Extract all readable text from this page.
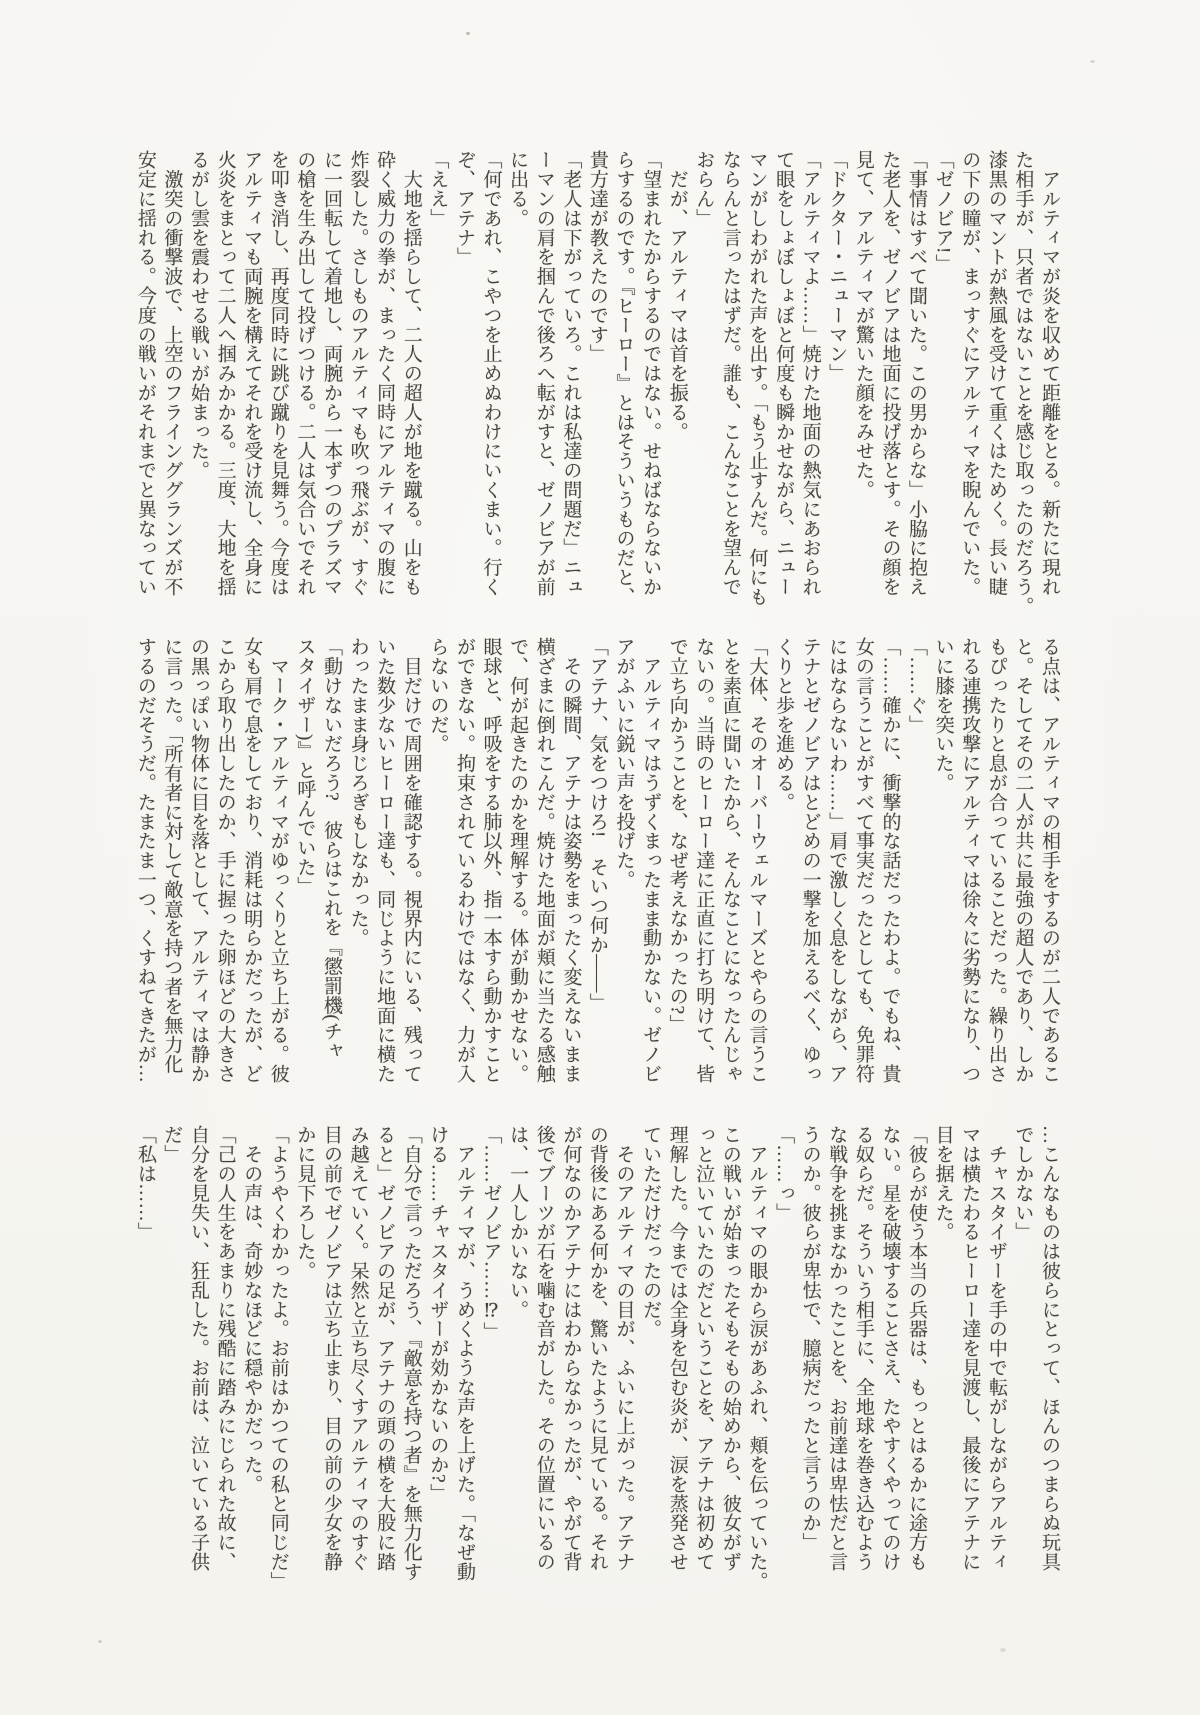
　アルティマが炎を収めて距離をとる。新たに現れ

た相手が、只者ではないことを感じ取ったのだろう。

漆黒のマントが熱風を受けて重くはためく。長い睫

の下の瞳が、まっすぐにアルティマを睨んでいた。

「ゼノビア!」

「事情はすべて聞いた。この男からな」小脇に抱え

た老人を、ゼノビアは地面に投げ落とす。その顔を

見て、アルティマが驚いた顔をみせた。

「ドクター・ニューマン」

「アルティマよ……」焼けた地面の熱気にあおられ

て眼をしょぼしょぼと何度も瞬かせながら、ニュー

マンがしわがれた声を出す。「もう止すんだ。何にも

ならんと言ったはずだ。誰も、こんなことを望んで

おらん」

　だが、アルティマは首を振る。

「望まれたからするのではない。せねばならないか

らするのです。『ヒーロー』とはそういうものだと、

貴方達が教えたのです」

「老人は下がっていろ。これは私達の問題だ」ニュ

ーマンの肩を掴んで後ろへ転がすと、ゼノビアが前

に出る。

「何であれ、こやつを止めぬわけにいくまい。行く

ぞ、アテナ」

「ええ」

　大地を揺らして、二人の超人が地を蹴る。山をも

砕く威力の拳が、まったく同時にアルティマの腹に

炸裂した。さしものアルティマも吹っ飛ぶが、すぐ

に一回転して着地し、両腕から一本ずつのプラズマ

の槍を生み出して投げつける。二人は気合いでそれ

を叩き消し、再度同時に跳び蹴りを見舞う。今度は

アルティマも両腕を構えてそれを受け流し、全身に

火炎をまとって二人へ掴みかかる。三度、大地を揺

るがし雲を震わせる戦いが始まった。

　激突の衝撃波で、上空のフラインググランズが不

安定に揺れる。今度の戦いがそれまでと異なってい

る点は、アルティマの相手をするのが二人であるこ

と。そしてその二人が共に最強の超人であり、しか

もぴったりと息が合っていることだった。繰り出さ

れる連携攻撃にアルティマは徐々に劣勢になり、つ

いに膝を突いた。

「……ぐ」

「……確かに、衝撃的な話だったわよ。でもね、貴

女の言うことがすべて事実だったとしても、免罪符

にはならないわ……」肩で激しく息をしながら、ア

テナとゼノビアはとどめの一撃を加えるべく、ゆっ

くりと歩を進める。

「大体、そのオーバーウェルマーズとやらの言うこ

とを素直に聞いたから、そんなことになったんじゃ

ないの。当時のヒーロー達に正直に打ち明けて、皆

で立ち向かうことを、なぜ考えなかったの?」

　アルティマはうずくまったまま動かない。ゼノビ

アがふいに鋭い声を投げた。

「アテナ、気をつけろ!　そいつ何か――」

　その瞬間、アテナは姿勢をまったく変えないまま

横ざまに倒れこんだ。焼けた地面が頬に当たる感触

で、何が起きたのかを理解する。体が動かせない。

眼球と、呼吸をする肺以外、指一本すら動かすこと

ができない。拘束されているわけではなく、力が入

らないのだ。

　目だけで周囲を確認する。視界内にいる、残って

いた数少ないヒーロー達も、同じように地面に横た

わったまま身じろぎもしなかった。

「動けないだろう?　彼らはこれを『懲罰機(チャ

スタイザー)』と呼んでいた」

　マーク・アルティマがゆっくりと立ち上がる。彼

女も肩で息をしており、消耗は明らかだったが、ど

こから取り出したのか、手に握った卵ほどの大きさ

の黒っぽい物体に目を落として、アルティマは静か

に言った。「所有者に対して敵意を持つ者を無力化

するのだそうだ。たまたま一つ、くすねてきたが…

…こんなものは彼らにとって、ほんのつまらぬ玩具

でしかない」

　チャスタイザーを手の中で転がしながらアルティ

マは横たわるヒーロー達を見渡し、最後にアテナに

目を据えた。

「彼らが使う本当の兵器は、もっとはるかに途方も

ない。星を破壊することさえ、たやすくやってのけ

る奴らだ。そういう相手に、全地球を巻き込むよう

な戦争を挑まなかったことを、お前達は卑怯だと言

うのか。彼らが卑怯で、臆病だったと言うのか」

「……っ」

　アルティマの眼から涙があふれ、頬を伝っていた。

この戦いが始まったそもそもの始めから、彼女がず

っと泣いていたのだということを、アテナは初めて

理解した。今までは全身を包む炎が、涙を蒸発させ

ていただけだったのだ。

　そのアルティマの目が、ふいに上がった。アテナ

の背後にある何かを、驚いたように見ている。それ

が何なのかアテナにはわからなかったが、やがて背

後でブーツが石を噛む音がした。その位置にいるの

は、一人しかいない。

「……ゼノビア……⁉」

　アルティマが、うめくような声を上げた。「なぜ動

ける……チャスタイザーが効かないのか?」

「自分で言っただろう、『敵意を持つ者』を無力化す

ると」ゼノビアの足が、アテナの頭の横を大股に踏

み越えていく。呆然と立ち尽くすアルティマのすぐ

目の前でゼノビアは立ち止まり、目の前の少女を静

かに見下ろした。

「ようやくわかったよ。お前はかつての私と同じだ」

　その声は、奇妙なほどに穏やかだった。

「己の人生をあまりに残酷に踏みにじられた故に、

自分を見失い、狂乱した。お前は、泣いている子供

だ」

「私は……」
